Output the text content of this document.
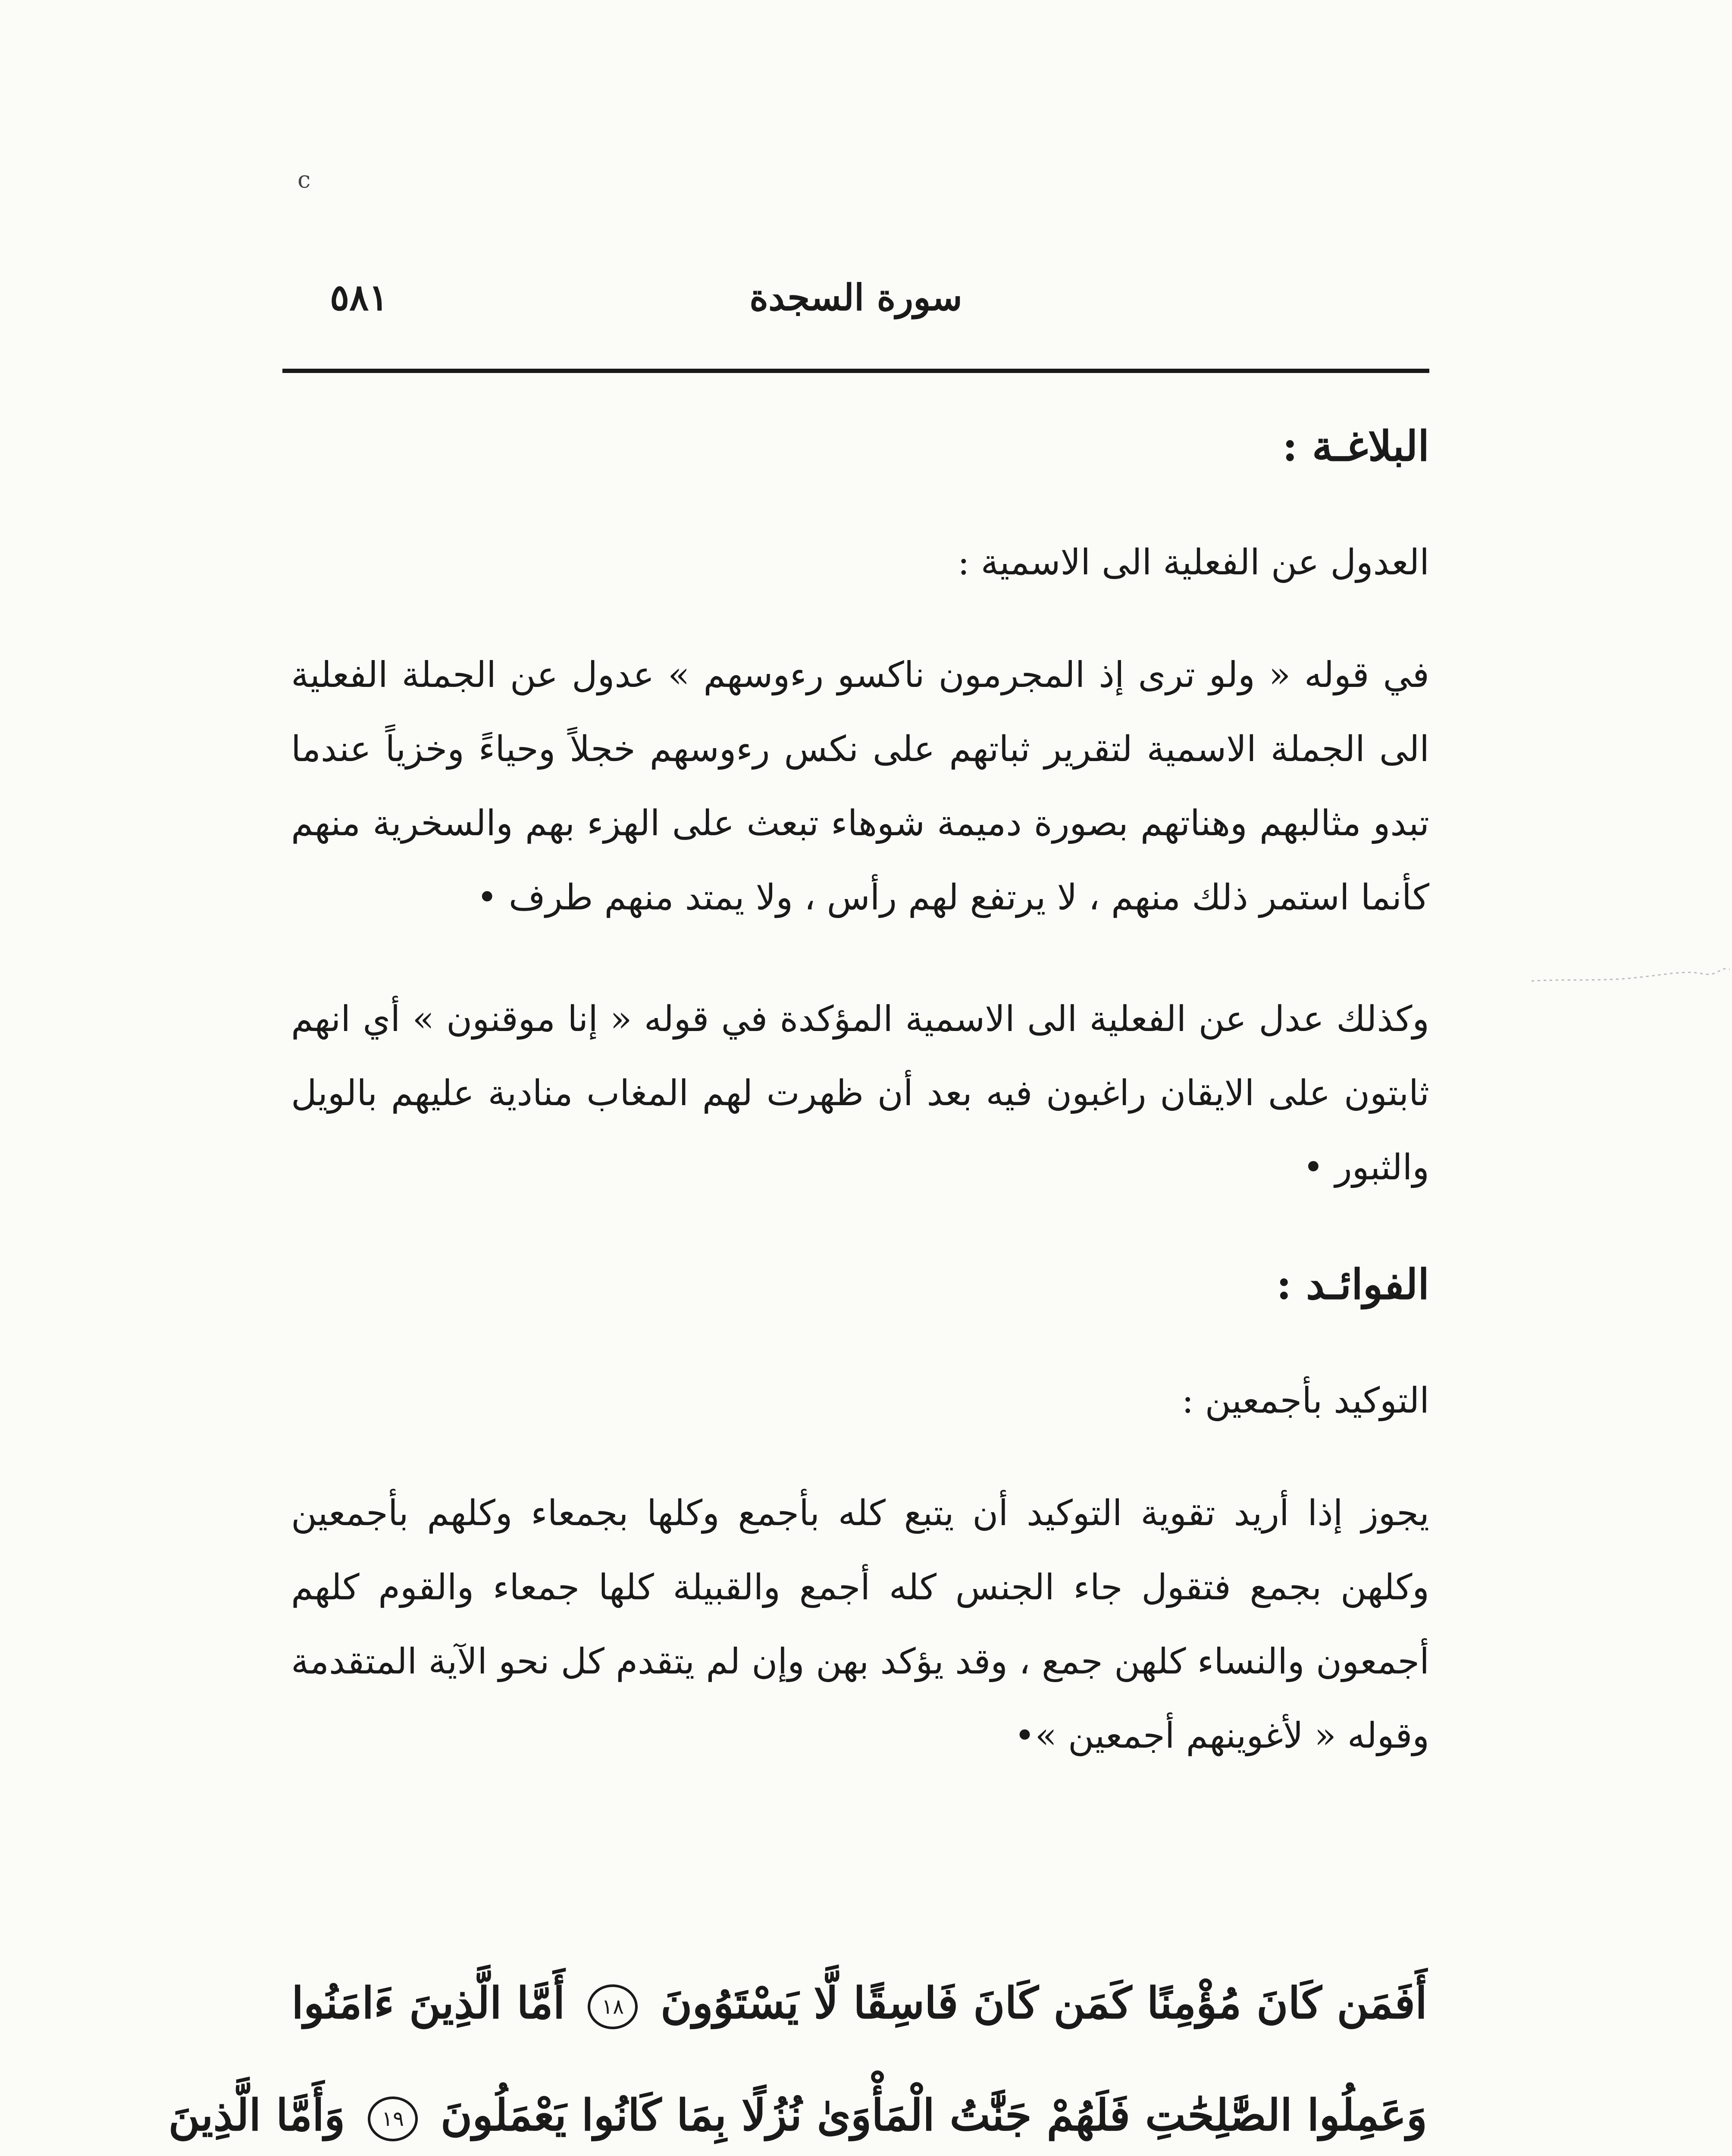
c
سورة السجدة
٥٨١
البلاغـة :
العدول عن الفعلية الى الاسمية :

في قوله « ولو ترى إذ المجرمون ناكسو رءوسهم » عدول عن الجملة الفعلية الى الجملة الاسمية لتقرير ثباتهم على نكس رءوسهم خجلاً وحياءً وخزياً عندما تبدو مثالبهم وهناتهم بصورة دميمة شوهاء تبعث على الهزء بهم والسخرية منهم كأنما استمر ذلك منهم ، لا يرتفع لهم رأس ، ولا يمتد منهم طرف •

وكذلك عدل عن الفعلية الى الاسمية المؤكدة في قوله « إنا موقنون » أي انهم ثابتون على الايقان راغبون فيه بعد أن ظهرت لهم المغاب منادية عليهم بالويل والثبور •

الفوائـد :
التوكيد بأجمعين :

يجوز إذا أريد تقوية التوكيد أن يتبع كله بأجمع وكلها بجمعاء وكلهم بأجمعين وكلهن بجمع فتقول جاء الجنس كله أجمع والقبيلة كلها جمعاء والقوم كلهم أجمعون والنساء كلهن جمع ، وقد يؤكد بهن وإن لم يتقدم كل نحو الآية المتقدمة وقوله « لأغوينهم أجمعين »•

أَفَمَن كَانَ مُؤْمِنًا كَمَن كَانَ فَاسِقًا لَّا يَسْتَوُونَ ١٨ أَمَّا الَّذِينَ ءَامَنُوا
وَعَمِلُوا الصَّٰلِحَٰتِ فَلَهُمْ جَنَّٰتُ الْمَأْوَىٰ نُزُلًا بِمَا كَانُوا يَعْمَلُونَ ١٩ وَأَمَّا الَّذِينَ
